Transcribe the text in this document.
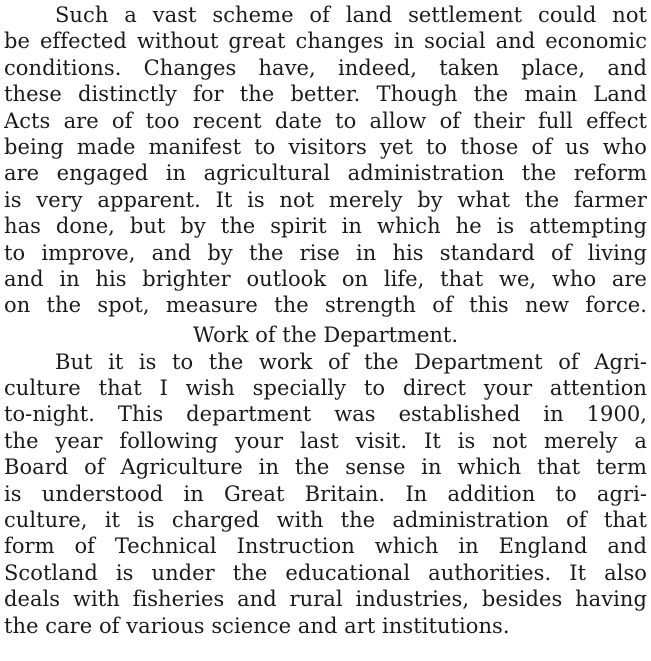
Such a vast scheme of land settlement could not
be effected without great changes in social and economic
conditions. Changes have, indeed, taken place, and
these distinctly for the better. Though the main Land
Acts are of too recent date to allow of their full effect
being made manifest to visitors yet to those of us who
are engaged in agricultural administration the reform
is very apparent. It is not merely by what the farmer
has done, but by the spirit in which he is attempting
to improve, and by the rise in his standard of living
and in his brighter outlook on life, that we, who are
on the spot, measure the strength of this new force.
Work of the Department.
But it is to the work of the Department of Agri-
culture that I wish specially to direct your attention
to-night. This department was established in 1900,
the year following your last visit. It is not merely a
Board of Agriculture in the sense in which that term
is understood in Great Britain. In addition to agri-
culture, it is charged with the administration of that
form of Technical Instruction which in England and
Scotland is under the educational authorities. It also
deals with fisheries and rural industries, besides having
the care of various science and art institutions.
